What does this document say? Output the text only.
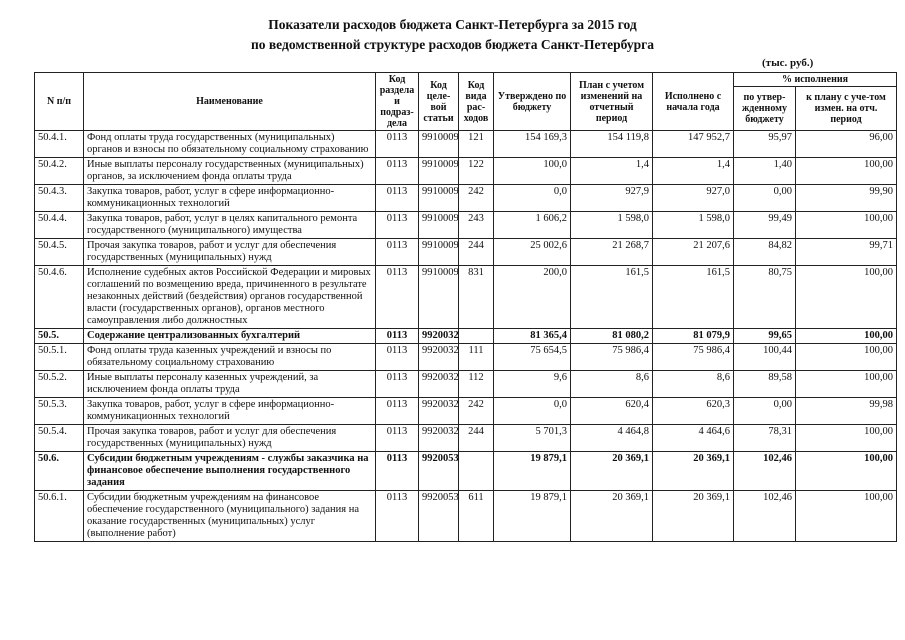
Показатели расходов бюджета Санкт-Петербурга за 2015 год
по ведомственной структуре расходов бюджета Санкт-Петербурга
(тыс. руб.)
N п/п	Наименование	Код раздела и подраз-дела	Код целе-вой статьи	Код вида рас-ходов	Утверждено по бюджету	План с учетом изменений на отчетный период	Исполнено с начала года	% исполнения	
								по утвер-жденному бюджету	к плану с уче-том измен. на отч. период
50.4.1.	Фонд оплаты труда государственных (муниципальных) органов и взносы по обязательному социальному страхованию	0113	9910009	121	154 169,3	154 119,8	147 952,7	95,97	96,00
50.4.2.	Иные выплаты персоналу государственных (муниципальных) органов, за исключением фонда оплаты труда	0113	9910009	122	100,0	1,4	1,4	1,40	100,00
50.4.3.	Закупка товаров, работ, услуг в сфере информационно-коммуникационных технологий	0113	9910009	242	0,0	927,9	927,0	0,00	99,90
50.4.4.	Закупка товаров, работ, услуг в целях капитального ремонта государственного (муниципального) имущества	0113	9910009	243	1 606,2	1 598,0	1 598,0	99,49	100,00
50.4.5.	Прочая закупка товаров, работ и услуг для обеспечения государственных (муниципальных) нужд	0113	9910009	244	25 002,6	21 268,7	21 207,6	84,82	99,71
50.4.6.	Исполнение судебных актов Российской Федерации и мировых соглашений по возмещению вреда, причиненного в результате незаконных действий (бездействия) органов государственной власти (государственных органов), органов местного самоуправления либо должностных	0113	9910009	831	200,0	161,5	161,5	80,75	100,00
50.5.	Содержание централизованных бухгалтерий	0113	9920032		81 365,4	81 080,2	81 079,9	99,65	100,00
50.5.1.	Фонд оплаты труда казенных учреждений и взносы по обязательному социальному страхованию	0113	9920032	111	75 654,5	75 986,4	75 986,4	100,44	100,00
50.5.2.	Иные выплаты персоналу казенных учреждений, за исключением фонда оплаты труда	0113	9920032	112	9,6	8,6	8,6	89,58	100,00
50.5.3.	Закупка товаров, работ, услуг в сфере информационно-коммуникационных технологий	0113	9920032	242	0,0	620,4	620,3	0,00	99,98
50.5.4.	Прочая закупка товаров, работ и услуг для обеспечения государственных (муниципальных) нужд	0113	9920032	244	5 701,3	4 464,8	4 464,6	78,31	100,00
50.6.	Субсидии бюджетным учреждениям - службы заказчика на финансовое обеспечение выполнения государственного задания	0113	9920053		19 879,1	20 369,1	20 369,1	102,46	100,00
50.6.1.	Субсидии бюджетным учреждениям на финансовое обеспечение государственного (муниципального) задания на оказание государственных (муниципальных) услуг (выполнение работ)	0113	9920053	611	19 879,1	20 369,1	20 369,1	102,46	100,00
